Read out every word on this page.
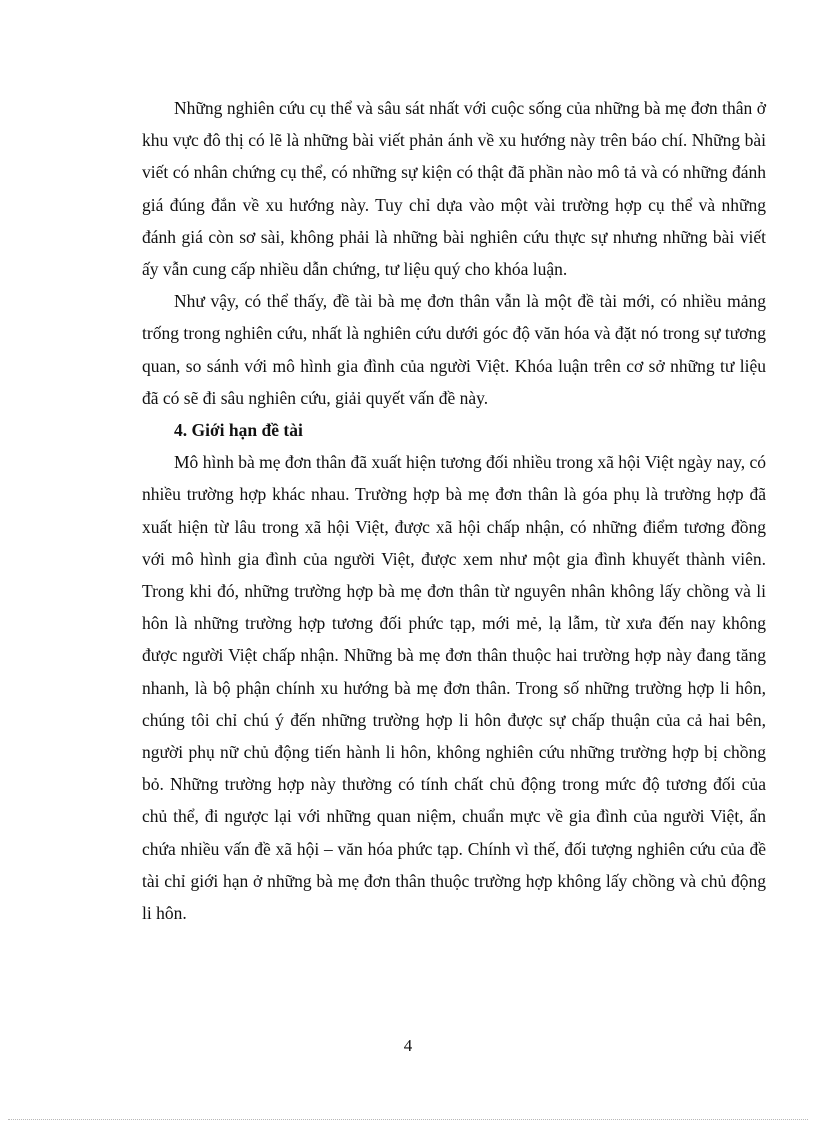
Những nghiên cứu cụ thể và sâu sát nhất với cuộc sống của những bà mẹ đơn thân ở khu vực đô thị có lẽ là những bài viết phản ánh về xu hướng này trên báo chí. Những bài viết có nhân chứng cụ thể, có những sự kiện có thật đã phần nào mô tả và có những đánh giá đúng đắn về xu hướng này. Tuy chỉ dựa vào một vài trường hợp cụ thể và những đánh giá còn sơ sài, không phải là những bài nghiên cứu thực sự nhưng những bài viết ấy vẫn cung cấp nhiều dẫn chứng, tư liệu quý cho khóa luận.

Như vậy, có thể thấy, đề tài bà mẹ đơn thân vẫn là một đề tài mới, có nhiều mảng trống trong nghiên cứu, nhất là nghiên cứu dưới góc độ văn hóa và đặt nó trong sự tương quan, so sánh với mô hình gia đình của người Việt. Khóa luận trên cơ sở những tư liệu đã có sẽ đi sâu nghiên cứu, giải quyết vấn đề này.

4. Giới hạn đề tài

Mô hình bà mẹ đơn thân đã xuất hiện tương đối nhiều trong xã hội Việt ngày nay, có nhiều trường hợp khác nhau. Trường hợp bà mẹ đơn thân là góa phụ là trường hợp đã xuất hiện từ lâu trong xã hội Việt, được xã hội chấp nhận, có những điểm tương đồng với mô hình gia đình của người Việt, được xem như một gia đình khuyết thành viên. Trong khi đó, những trường hợp bà mẹ đơn thân từ nguyên nhân không lấy chồng và li hôn là những trường hợp tương đối phức tạp, mới mẻ, lạ lẫm, từ xưa đến nay không được người Việt chấp nhận. Những bà mẹ đơn thân thuộc hai trường hợp này đang tăng nhanh, là bộ phận chính xu hướng bà mẹ đơn thân. Trong số những trường hợp li hôn, chúng tôi chỉ chú ý đến những trường hợp li hôn được sự chấp thuận của cả hai bên, người phụ nữ chủ động tiến hành li hôn, không nghiên cứu những trường hợp bị chồng bỏ. Những trường hợp này thường có tính chất chủ động trong mức độ tương đối của chủ thể, đi ngược lại với những quan niệm, chuẩn mực về gia đình của người Việt, ẩn chứa nhiều vấn đề xã hội – văn hóa phức tạp. Chính vì thế, đối tượng nghiên cứu của đề tài chỉ giới hạn ở những bà mẹ đơn thân thuộc trường hợp không lấy chồng và chủ động li hôn.

4
